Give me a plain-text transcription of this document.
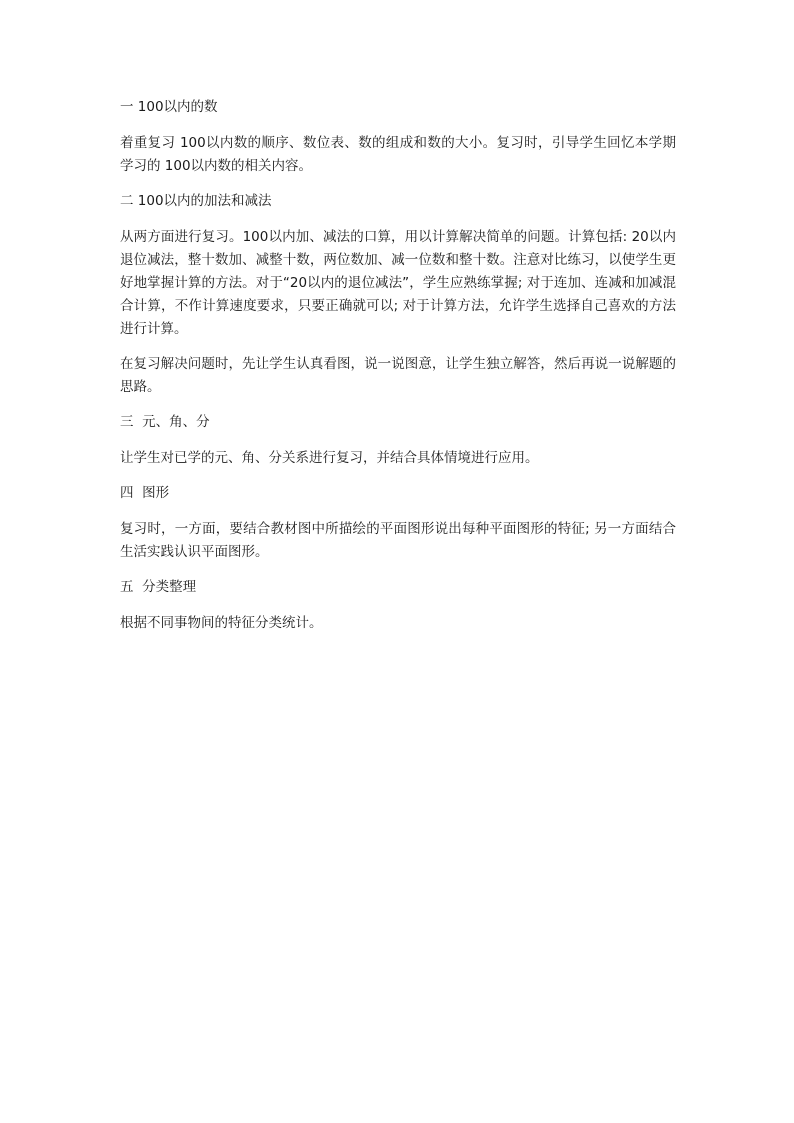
一 100以内的数

着重复习 100以内数的顺序、数位表、数的组成和数的大小。复习时，引导学生回忆本学期学习的 100以内数的相关内容。

二 100以内的加法和减法

从两方面进行复习。100以内加、减法的口算，用以计算解决简单的问题。计算包括: 20以内退位减法，整十数加、减整十数，两位数加、减一位数和整十数。注意对比练习，以使学生更好地掌握计算的方法。对于“20以内的退位减法”，学生应熟练掌握; 对于连加、连减和加减混合计算，不作计算速度要求，只要正确就可以; 对于计算方法，允许学生选择自己喜欢的方法进行计算。

在复习解决问题时，先让学生认真看图，说一说图意，让学生独立解答，然后再说一说解题的思路。

三  元、角、分

让学生对已学的元、角、分关系进行复习，并结合具体情境进行应用。

四  图形

复习时，一方面，要结合教材图中所描绘的平面图形说出每种平面图形的特征; 另一方面结合生活实践认识平面图形。

五  分类整理

根据不同事物间的特征分类统计。
